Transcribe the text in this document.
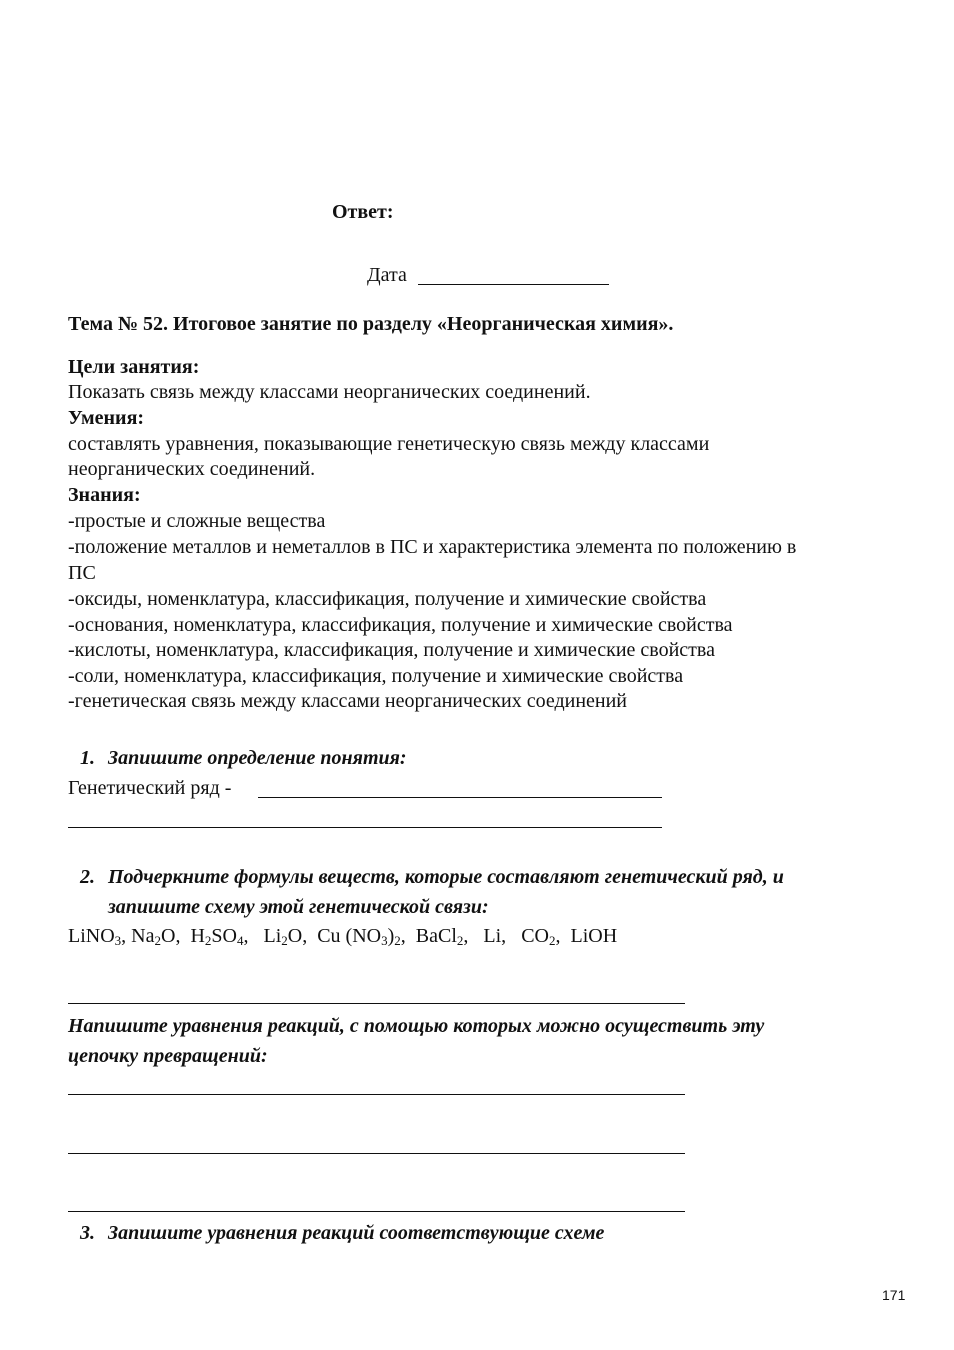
Ответ:
Дата
Тема № 52. Итоговое занятие по разделу «Неорганическая химия».
Цели занятия:
Показать связь между классами неорганических соединений.
Умения:
составлять уравнения, показывающие генетическую связь между классами
неорганических соединений.
Знания:
-простые и сложные вещества
-положение металлов и неметаллов в ПС и характеристика элемента по положению в
ПС
-оксиды, номенклатура, классификация, получение и химические свойства
-основания, номенклатура, классификация, получение и химические свойства
-кислоты, номенклатура, классификация, получение и химические свойства
-соли, номенклатура, классификация, получение и химические свойства
-генетическая связь между классами неорганических соединений
1. Запишите определение понятия:
Генетический ряд -
2. Подчеркните формулы веществ, которые составляют генетический ряд, и
запишите схему этой генетической связи:
LiNO$_3$, $Na_2O$, $H_2SO_4$, $Li_2O$, Cu $(NO_3)_2$, BaCl$_2$, Li, $CO_2$, LiOH
Напишите уравнения реакций, с помощью которых можно осуществить эту
цепочку превращений:
3. Запишите уравнения реакций соответствующие схеме
171
